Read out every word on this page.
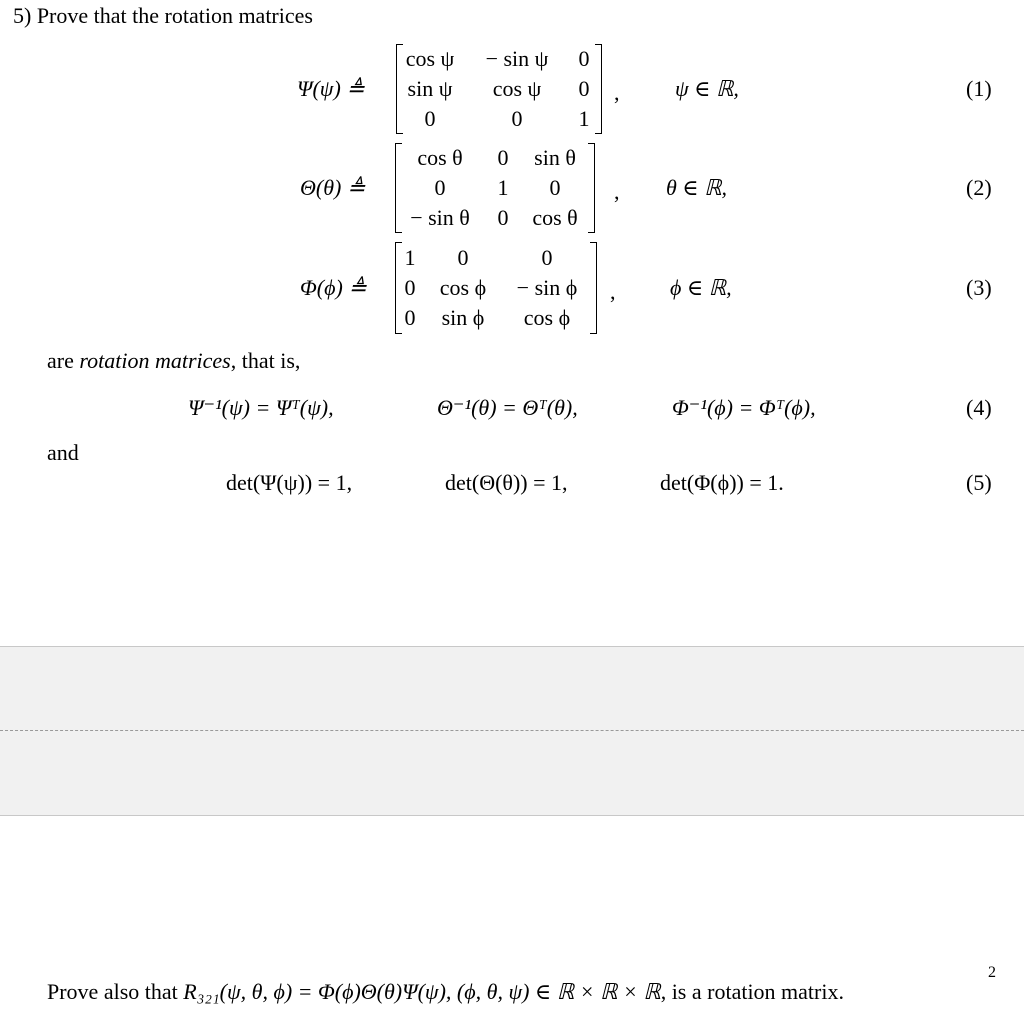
5) Prove that the rotation matrices
Ψ(ψ) ≜
cos ψ − sin ψ 0
sin ψ cos ψ 0
0	0	1
,	ψ ∈ ℝ,	(1)
Θ(θ) ≜
cos θ 0 sin θ
0 1 0
− sin θ 0 cos θ
, θ ∈ ℝ,	(2)
Φ(ϕ) ≜
1 0	0
0 cos ϕ − sin ϕ
0 sin ϕ cos ϕ
, ϕ ∈ ℝ,	(3)
are rotation matrices, that is,
Ψ⁻¹(ψ) = Ψᵀ(ψ),	Θ⁻¹(θ) = Θᵀ(θ),	Φ⁻¹(ϕ) = Φᵀ(ϕ),	(4)
and
det(Ψ(ψ)) = 1,	det(Θ(θ)) = 1,	det(Φ(ϕ)) = 1.	(5)
2
Prove also that R₃₂₁(ψ, θ, ϕ) = Φ(ϕ)Θ(θ)Ψ(ψ), (ϕ, θ, ψ) ∈ ℝ × ℝ × ℝ, is a rotation matrix.
